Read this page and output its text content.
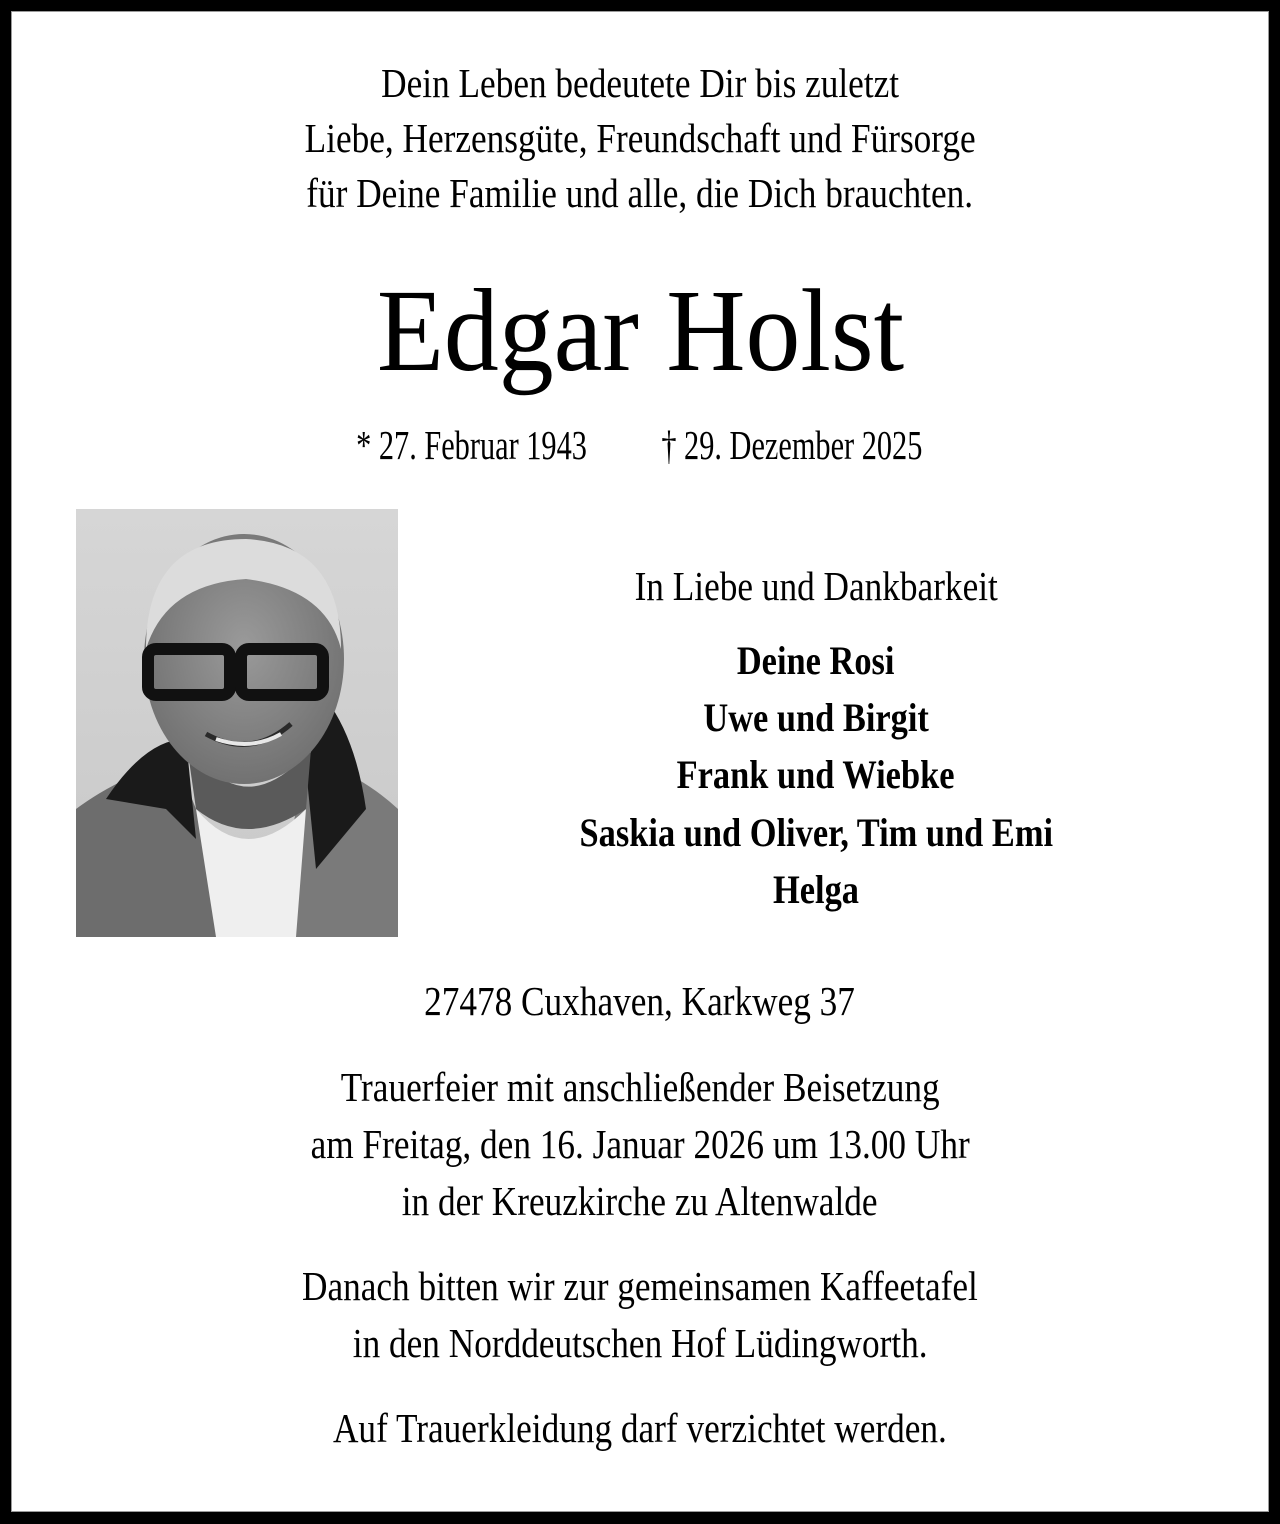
Dein Leben bedeutete Dir bis zuletzt
Liebe, Herzensgüte, Freundschaft und Fürsorge
für Deine Familie und alle, die Dich brauchten.
Edgar Holst
* 27. Februar 1943 † 29. Dezember 2025
In Liebe und Dankbarkeit
Deine Rosi
Uwe und Birgit
Frank und Wiebke
Saskia und Oliver, Tim und Emi
Helga
27478 Cuxhaven, Karkweg 37
Trauerfeier mit anschließender Beisetzung
am Freitag, den 16. Januar 2026 um 13.00 Uhr
in der Kreuzkirche zu Altenwalde
Danach bitten wir zur gemeinsamen Kaffeetafel
in den Norddeutschen Hof Lüdingworth.
Auf Trauerkleidung darf verzichtet werden.
